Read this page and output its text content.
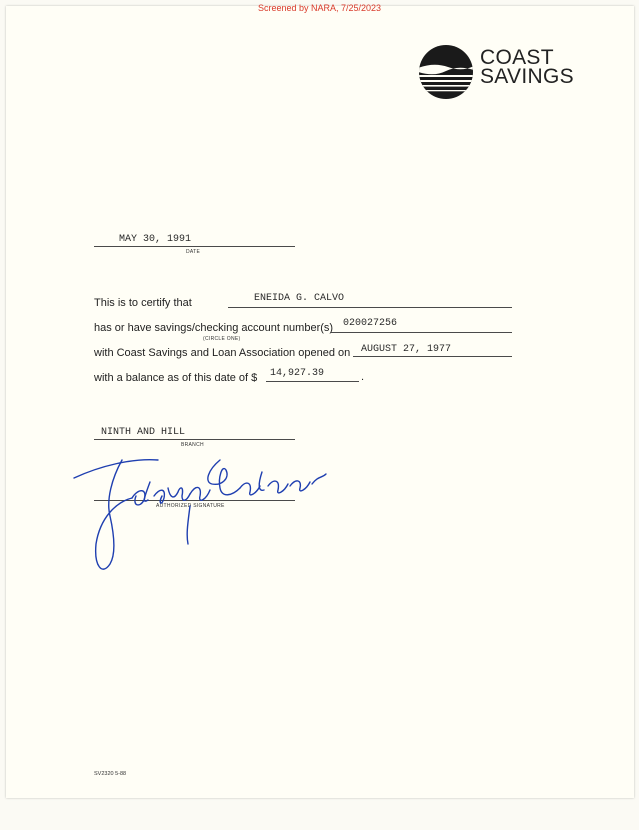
Screened by NARA, 7/25/2023
COAST
SAVINGS
MAY 30, 1991
DATE
This is to certify that	ENEIDA G. CALVO
has or have savings/checking account number(s)
(CIRCLE ONE)
020027256
with Coast Savings and Loan Association opened on AUGUST 27, 1977
with a balance as of this date of $ 14,927.39	.
NINTH AND HILL
BRANCH
AUTHORIZED SIGNATURE
SV2320 5-88
